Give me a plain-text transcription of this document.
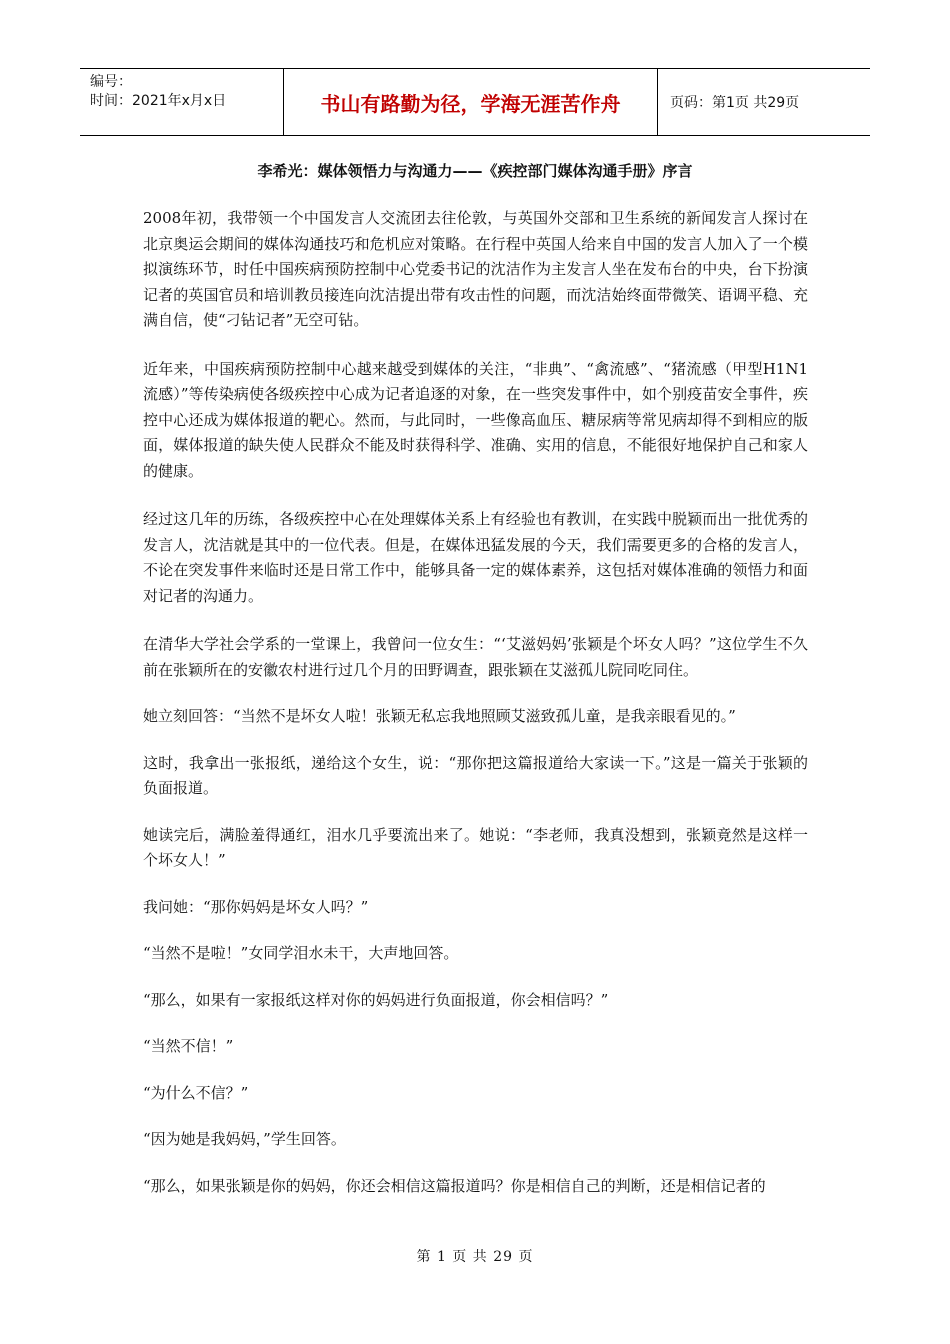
编号：
时间：2021年x月x日	书山有路勤为径，学海无涯苦作舟	页码：第1页 共29页
李希光：媒体领悟力与沟通力——《疾控部门媒体沟通手册》序言

2008年初，我带领一个中国发言人交流团去往伦敦，与英国外交部和卫生系统的新闻发言人探讨在北京奥运会期间的媒体沟通技巧和危机应对策略。在行程中英国人给来自中国的发言人加入了一个模拟演练环节，时任中国疾病预防控制中心党委书记的沈洁作为主发言人坐在发布台的中央，台下扮演记者的英国官员和培训教员接连向沈洁提出带有攻击性的问题，而沈洁始终面带微笑、语调平稳、充满自信，使“刁钻记者”无空可钻。

近年来，中国疾病预防控制中心越来越受到媒体的关注，“非典”、“禽流感”、“猪流感（甲型H1N1流感）”等传染病使各级疾控中心成为记者追逐的对象，在一些突发事件中，如个别疫苗安全事件，疾控中心还成为媒体报道的靶心。然而，与此同时，一些像高血压、糖尿病等常见病却得不到相应的版面，媒体报道的缺失使人民群众不能及时获得科学、准确、实用的信息，不能很好地保护自己和家人的健康。

经过这几年的历练，各级疾控中心在处理媒体关系上有经验也有教训，在实践中脱颖而出一批优秀的发言人，沈洁就是其中的一位代表。但是，在媒体迅猛发展的今天，我们需要更多的合格的发言人，不论在突发事件来临时还是日常工作中，能够具备一定的媒体素养，这包括对媒体准确的领悟力和面对记者的沟通力。

在清华大学社会学系的一堂课上，我曾问一位女生：“‘艾滋妈妈’张颖是个坏女人吗？”这位学生不久前在张颖所在的安徽农村进行过几个月的田野调查，跟张颖在艾滋孤儿院同吃同住。

她立刻回答：“当然不是坏女人啦！张颖无私忘我地照顾艾滋致孤儿童，是我亲眼看见的。”

这时，我拿出一张报纸，递给这个女生，说：“那你把这篇报道给大家读一下。”这是一篇关于张颖的负面报道。

她读完后，满脸羞得通红，泪水几乎要流出来了。她说：“李老师，我真没想到，张颖竟然是这样一个坏女人！”

我问她：“那你妈妈是坏女人吗？”

“当然不是啦！”女同学泪水未干，大声地回答。

“那么，如果有一家报纸这样对你的妈妈进行负面报道，你会相信吗？”

“当然不信！”

“为什么不信？”

“因为她是我妈妈，”学生回答。

“那么，如果张颖是你的妈妈，你还会相信这篇报道吗？你是相信自己的判断，还是相信记者的

第 1 页 共 29 页
